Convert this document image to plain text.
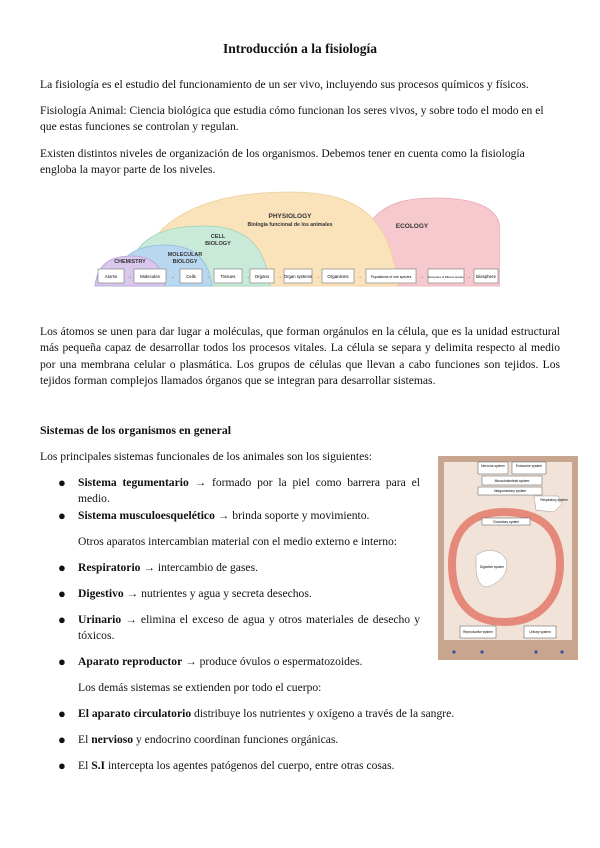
Introducción a la fisiología

La fisiología es el estudio del funcionamiento de un ser vivo, incluyendo sus procesos químicos y físicos.

Fisiología Animal: Ciencia biológica que estudia cómo funcionan los seres vivos, y sobre todo el modo en el que estas funciones se controlan y regulan.

Existen distintos niveles de organización de los organismos. Debemos tener en cuenta como la fisiología engloba la mayor parte de los niveles.

PHYSIOLOGY
Biología funcional de los animales	ECOLOGY
CELL
BIOLOGY
MOLECULAR
BIOLOGY
CHEMISTRY
Atoms → Molecules →	Cells → Tissues → Organs → Organ systems → Organisms →	Populations of one species → Ecosystem of different species → Biosphere

Los átomos se unen para dar lugar a moléculas, que forman orgánulos en la célula, que es la unidad estructural más pequeña capaz de desarrollar todos los procesos vitales. La célula se separa y delimita respecto al medio por una membrana celular o plasmática. Los grupos de células que llevan a cabo funciones son tejidos. Los tejidos forman complejos llamados órganos que se integran para desarrollar sistemas.

Sistemas de los organismos en general

Los principales sistemas funcionales de los animales son los siguientes:

● Sistema tegumentario → formado por la piel como barrera para el medio.
● Sistema musculoesquelético → brinda soporte y movimiento.
Otros aparatos intercambian material con el medio externo e interno:
● Respiratorio → intercambio de gases.
● Digestivo → nutrientes y agua y secreta desechos.
● Urinario → elimina el exceso de agua y otros materiales de desecho y tóxicos.
● Aparato reproductor → produce óvulos o espermatozoides.
Los demás sistemas se extienden por todo el cuerpo:
● El aparato circulatorio distribuye los nutrientes y oxígeno a través de la sangre.
● El nervioso y endocrino coordinan funciones orgánicas.
● El S.I intercepta los agentes patógenos del cuerpo, entre otras cosas.
Nervous system	Endocrine system
Musculoskeletal system
Integumentary system
Circulatory system
Respiratory system
Digestive system
Reproductive system	Urinary system
